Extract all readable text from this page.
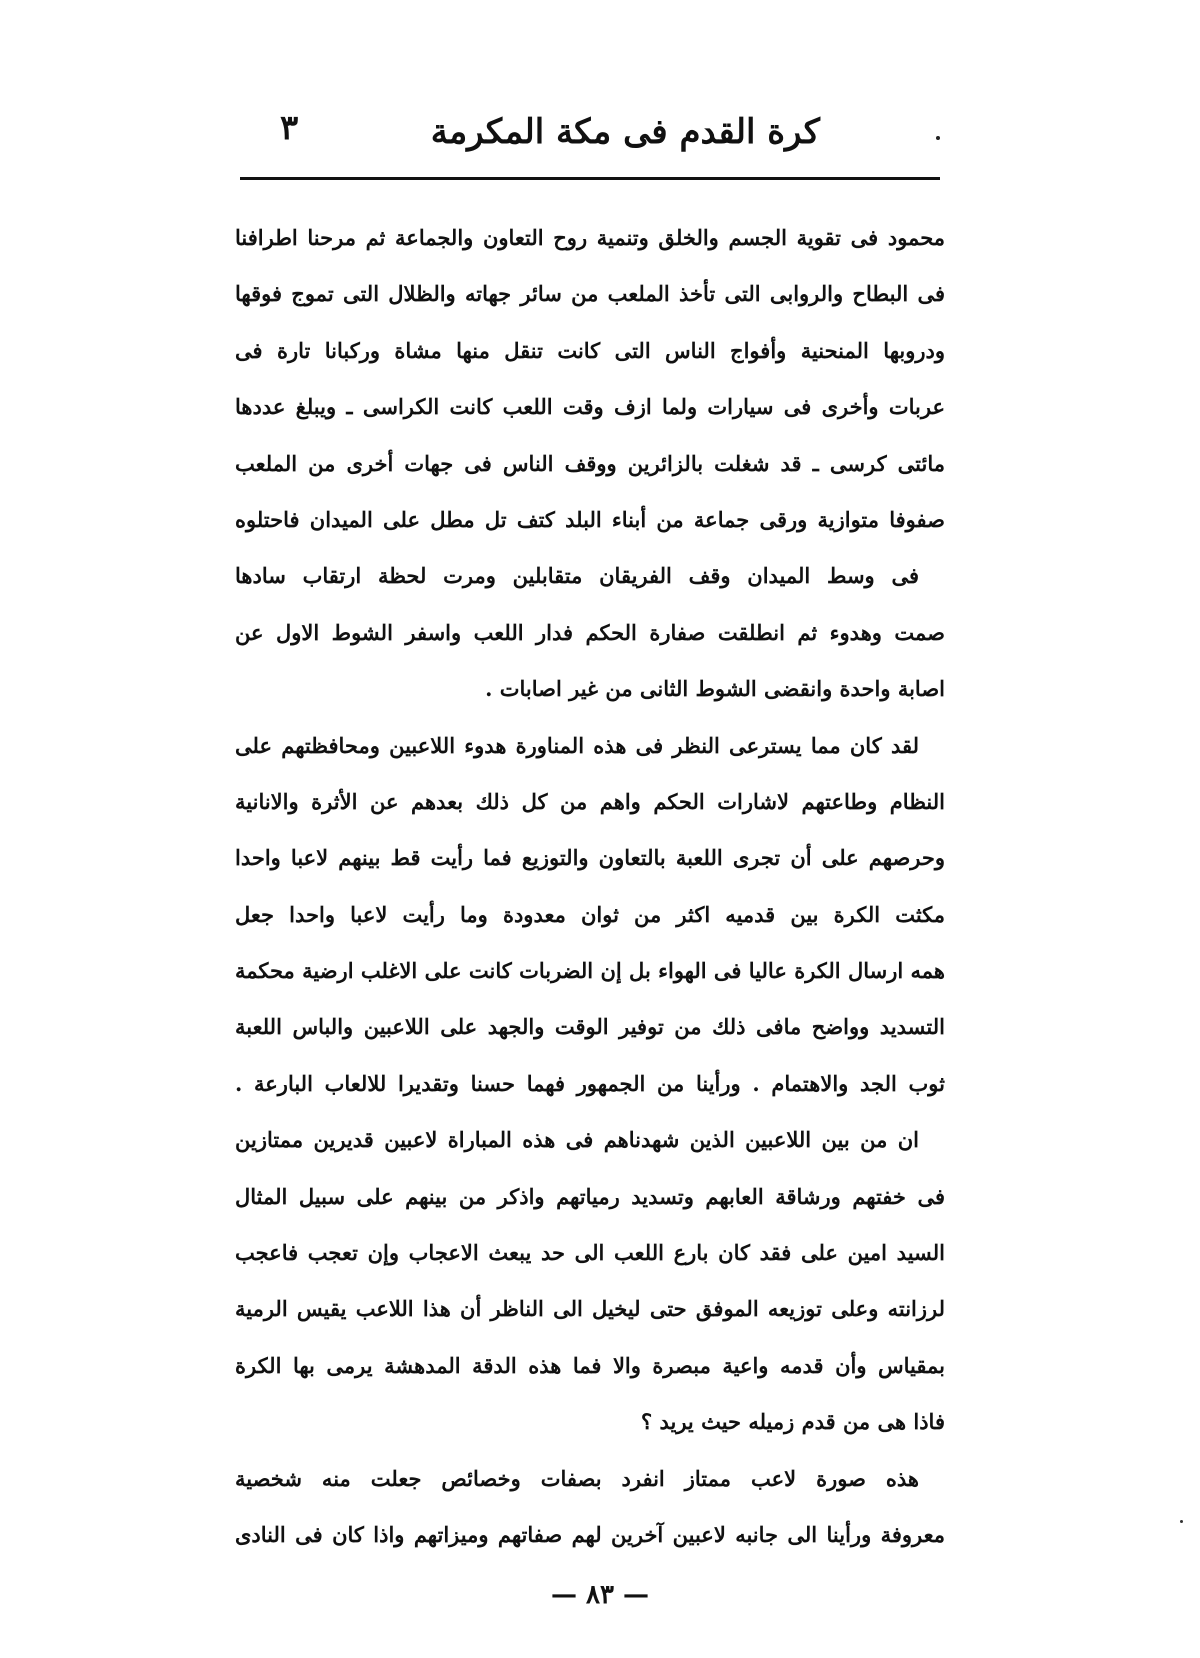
كرة القدم فى مكة المكرمة
٣
محمود فى تقوية الجسم والخلق وتنمية روح التعاون والجماعة ثم مرحنا اطرافنا
فى البطاح والروابى التى تأخذ الملعب من سائر جهاته والظلال التى تموج فوقها
ودروبها المنحنية وأفواج الناس التى كانت تنقل منها مشاة وركبانا تارة فى
عربات وأخرى فى سيارات ولما ازف وقت اللعب كانت الكراسى ـ ويبلغ عددها
مائتى كرسى ـ قد شغلت بالزائرين ووقف الناس فى جهات أخرى من الملعب
صفوفا متوازية ورقى جماعة من أبناء البلد كتف تل مطل على الميدان فاحتلوه
فى وسط الميدان وقف الفريقان متقابلين ومرت لحظة ارتقاب سادها
صمت وهدوء ثم انطلقت صفارة الحكم فدار اللعب واسفر الشوط الاول عن
اصابة واحدة وانقضى الشوط الثانى من غير اصابات .
لقد كان مما يسترعى النظر فى هذه المناورة هدوء اللاعبين ومحافظتهم على
النظام وطاعتهم لاشارات الحكم واهم من كل ذلك بعدهم عن الأثرة والانانية
وحرصهم على أن تجرى اللعبة بالتعاون والتوزيع فما رأيت قط بينهم لاعبا واحدا
مكثت الكرة بين قدميه اكثر من ثوان معدودة وما رأيت لاعبا واحدا جعل
همه ارسال الكرة عاليا فى الهواء بل إن الضربات كانت على الاغلب ارضية محكمة
التسديد وواضح مافى ذلك من توفير الوقت والجهد على اللاعبين والباس اللعبة
ثوب الجد والاهتمام . ورأينا من الجمهور فهما حسنا وتقديرا للالعاب البارعة .
ان من بين اللاعبين الذين شهدناهم فى هذه المباراة لاعبين قديرين ممتازين
فى خفتهم ورشاقة العابهم وتسديد رمياتهم واذكر من بينهم على سبيل المثال
السيد امين على فقد كان بارع اللعب الى حد يبعث الاعجاب وإن تعجب فاعجب
لرزانته وعلى توزيعه الموفق حتى ليخيل الى الناظر أن هذا اللاعب يقيس الرمية
بمقياس وأن قدمه واعية مبصرة والا فما هذه الدقة المدهشة يرمى بها الكرة
فاذا هى من قدم زميله حيث يريد ؟
هذه صورة لاعب ممتاز انفرد بصفات وخصائص جعلت منه شخصية
معروفة ورأينا الى جانبه لاعبين آخرين لهم صفاتهم وميزاتهم واذا كان فى النادى
— ٨٣ —
